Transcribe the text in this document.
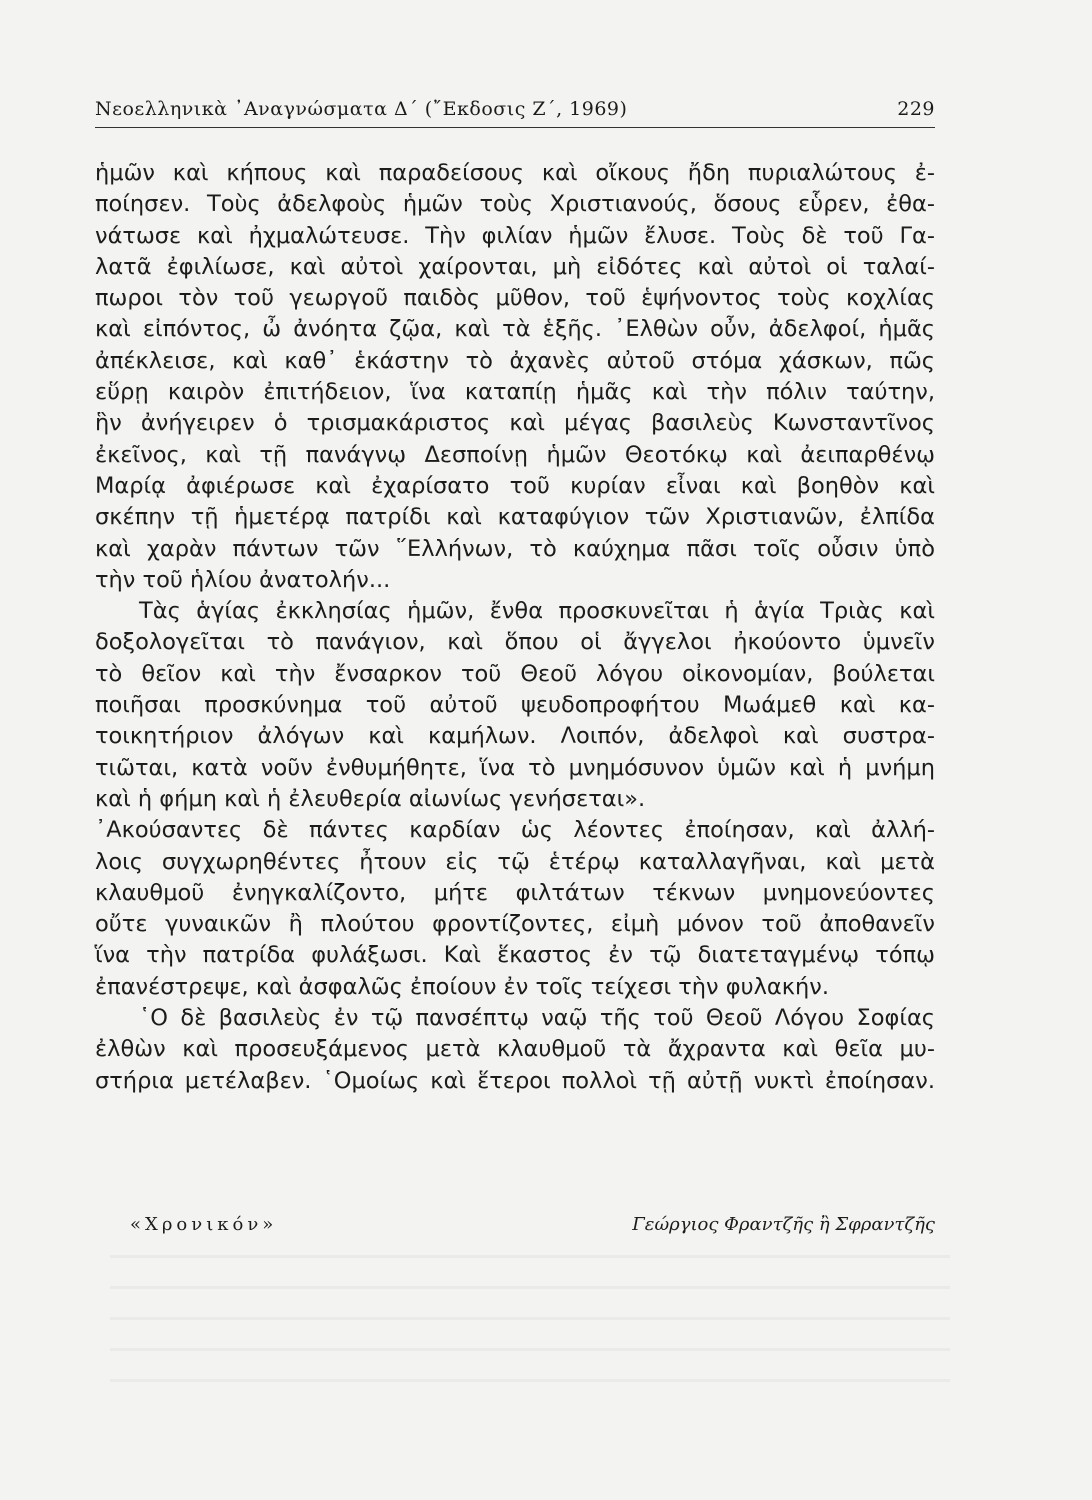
Νεοελληνικὰ ᾿Αναγνώσματα Δ΄ (῎Εκδοσις Ζ΄, 1969)	229
ἡμῶν καὶ κήπους καὶ παραδείσους καὶ οἴκους ἤδη πυριαλώτους ἐ-
ποίησεν. Τοὺς ἀδελφοὺς ἡμῶν τοὺς Χριστιανούς, ὅσους εὗρεν, ἐθα-
νάτωσε καὶ ἠχμαλώτευσε. Τὴν φιλίαν ἡμῶν ἔλυσε. Τοὺς δὲ τοῦ Γα-
λατᾶ ἐφιλίωσε, καὶ αὐτοὶ χαίρονται, μὴ εἰδότες καὶ αὐτοὶ οἱ ταλαί-
πωροι τὸν τοῦ γεωργοῦ παιδὸς μῦθον, τοῦ ἑψήνοντος τοὺς κοχλίας
καὶ εἰπόντος, ὦ ἀνόητα ζῷα, καὶ τὰ ἑξῆς. ᾿Ελθὼν οὖν, ἀδελφοί, ἡμᾶς
ἀπέκλεισε, καὶ καθ᾿ ἑκάστην τὸ ἀχανὲς αὐτοῦ στόμα χάσκων, πῶς
εὕρῃ καιρὸν ἐπιτήδειον, ἵνα καταπίῃ ἡμᾶς καὶ τὴν πόλιν ταύτην,
ἣν ἀνήγειρεν ὁ τρισμακάριστος καὶ μέγας βασιλεὺς Κωνσταντῖνος
ἐκεῖνος, καὶ τῇ πανάγνῳ Δεσποίνῃ ἡμῶν Θεοτόκῳ καὶ ἀειπαρθένῳ
Μαρίᾳ ἀφιέρωσε καὶ ἐχαρίσατο τοῦ κυρίαν εἶναι καὶ βοηθὸν καὶ
σκέπην τῇ ἡμετέρᾳ πατρίδι καὶ καταφύγιον τῶν Χριστιανῶν, ἐλπίδα
καὶ χαρὰν πάντων τῶν ῞Ελλήνων, τὸ καύχημα πᾶσι τοῖς οὖσιν ὑπὸ
τὴν τοῦ ἡλίου ἀνατολήν...
Τὰς ἁγίας ἐκκλησίας ἡμῶν, ἔνθα προσκυνεῖται ἡ ἁγία Τριὰς καὶ
δοξολογεῖται τὸ πανάγιον, καὶ ὅπου οἱ ἄγγελοι ἠκούοντο ὑμνεῖν
τὸ θεῖον καὶ τὴν ἔνσαρκον τοῦ Θεοῦ λόγου οἰκονομίαν, βούλεται
ποιῆσαι προσκύνημα τοῦ αὐτοῦ ψευδοπροφήτου Μωάμεθ καὶ κα-
τοικητήριον ἀλόγων καὶ καμήλων. Λοιπόν, ἀδελφοὶ καὶ συστρα-
τιῶται, κατὰ νοῦν ἐνθυμήθητε, ἵνα τὸ μνημόσυνον ὑμῶν καὶ ἡ μνήμη
καὶ ἡ φήμη καὶ ἡ ἐλευθερία αἰωνίως γενήσεται».
᾿Ακούσαντες δὲ πάντες καρδίαν ὡς λέοντες ἐποίησαν, καὶ ἀλλή-
λοις συγχωρηθέντες ἦτουν εἰς τῷ ἑτέρῳ καταλλαγῆναι, καὶ μετὰ
κλαυθμοῦ ἐνηγκαλίζοντο, μήτε φιλτάτων τέκνων μνημονεύοντες
οὔτε γυναικῶν ἢ πλούτου φροντίζοντες, εἰμὴ μόνον τοῦ ἀποθανεῖν
ἵνα τὴν πατρίδα φυλάξωσι. Καὶ ἕκαστος ἐν τῷ διατεταγμένῳ τόπῳ
ἐπανέστρεψε, καὶ ἀσφαλῶς ἐποίουν ἐν τοῖς τείχεσι τὴν φυλακήν.
῾Ο δὲ βασιλεὺς ἐν τῷ πανσέπτῳ ναῷ τῆς τοῦ Θεοῦ Λόγου Σοφίας
ἐλθὼν καὶ προσευξάμενος μετὰ κλαυθμοῦ τὰ ἄχραντα καὶ θεῖα μυ-
στήρια μετέλαβεν. ῾Ομοίως καὶ ἕτεροι πολλοὶ τῇ αὐτῇ νυκτὶ ἐποίησαν.
«Χρονικόν»	Γεώργιος Φραντζῆς ἢ Σφραντζῆς
